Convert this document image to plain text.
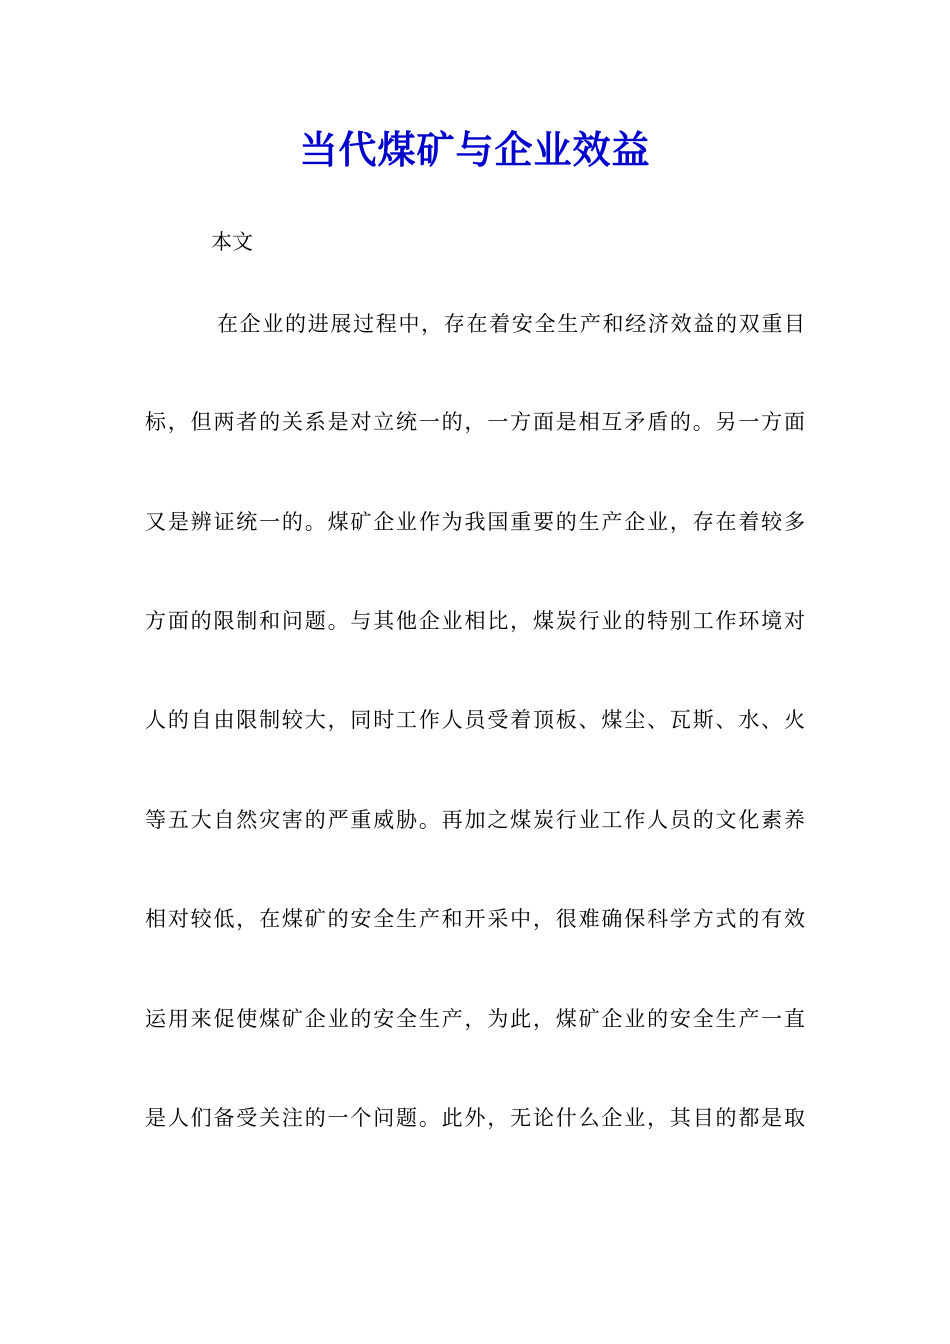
当代煤矿与企业效益
本文
在企业的进展过程中，存在着安全生产和经济效益的双重目
标，但两者的关系是对立统一的，一方面是相互矛盾的。另一方面
又是辨证统一的。煤矿企业作为我国重要的生产企业，存在着较多
方面的限制和问题。与其他企业相比，煤炭行业的特别工作环境对
人的自由限制较大，同时工作人员受着顶板、煤尘、瓦斯、水、火
等五大自然灾害的严重威胁。再加之煤炭行业工作人员的文化素养
相对较低，在煤矿的安全生产和开采中，很难确保科学方式的有效
运用来促使煤矿企业的安全生产，为此，煤矿企业的安全生产一直
是人们备受关注的一个问题。此外，无论什么企业，其目的都是取
